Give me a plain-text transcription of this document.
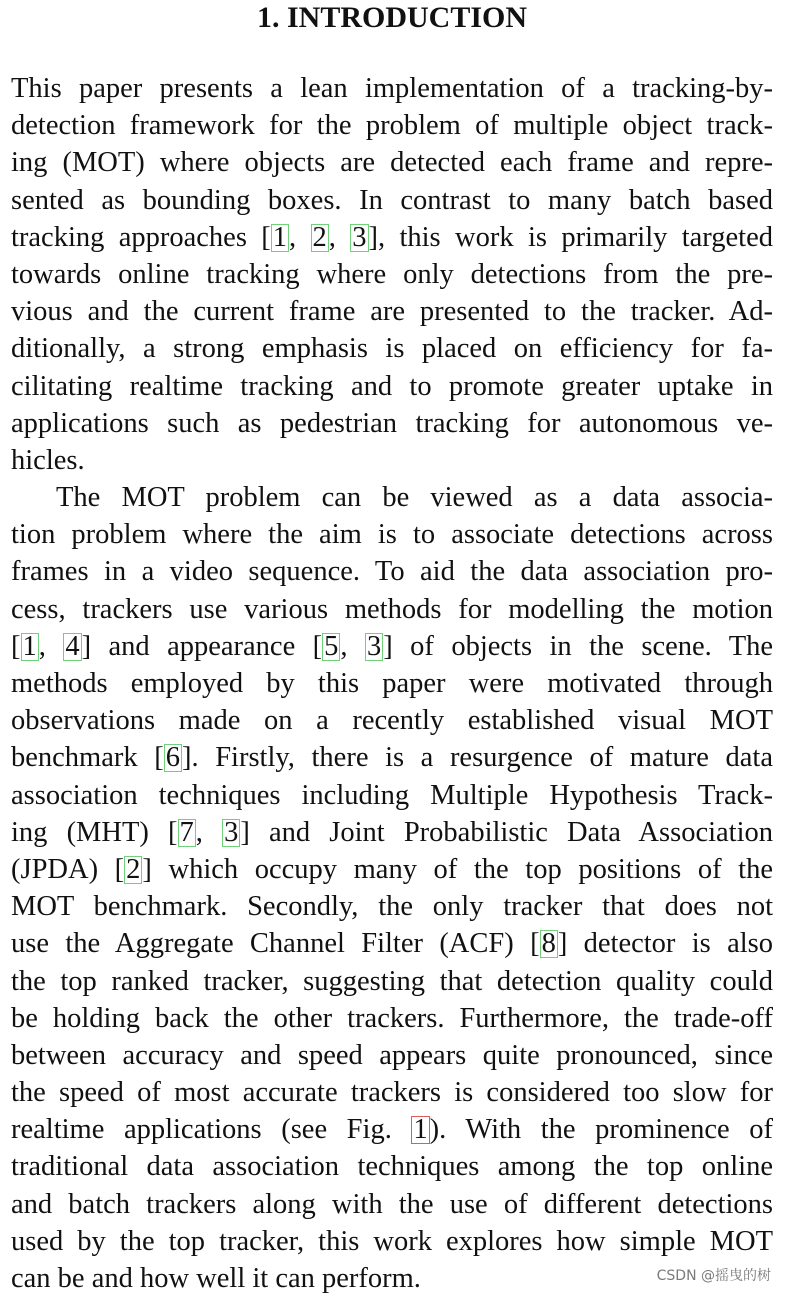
1. INTRODUCTION
This paper presents a lean implementation of a tracking-by-
detection framework for the problem of multiple object track-
ing (MOT) where objects are detected each frame and repre-
sented as bounding boxes. In contrast to many batch based
tracking approaches [1, 2, 3], this work is primarily targeted
towards online tracking where only detections from the pre-
vious and the current frame are presented to the tracker. Ad-
ditionally, a strong emphasis is placed on efficiency for fa-
cilitating realtime tracking and to promote greater uptake in
applications such as pedestrian tracking for autonomous ve-
hicles.
The MOT problem can be viewed as a data associa-
tion problem where the aim is to associate detections across
frames in a video sequence. To aid the data association pro-
cess, trackers use various methods for modelling the motion
[1, 4] and appearance [5, 3] of objects in the scene. The
methods employed by this paper were motivated through
observations made on a recently established visual MOT
benchmark [6]. Firstly, there is a resurgence of mature data
association techniques including Multiple Hypothesis Track-
ing (MHT) [7, 3] and Joint Probabilistic Data Association
(JPDA) [2] which occupy many of the top positions of the
MOT benchmark. Secondly, the only tracker that does not
use the Aggregate Channel Filter (ACF) [8] detector is also
the top ranked tracker, suggesting that detection quality could
be holding back the other trackers. Furthermore, the trade-off
between accuracy and speed appears quite pronounced, since
the speed of most accurate trackers is considered too slow for
realtime applications (see Fig. 1). With the prominence of
traditional data association techniques among the top online
and batch trackers along with the use of different detections
used by the top tracker, this work explores how simple MOT
can be and how well it can perform.	CSDN @摇曳的树
